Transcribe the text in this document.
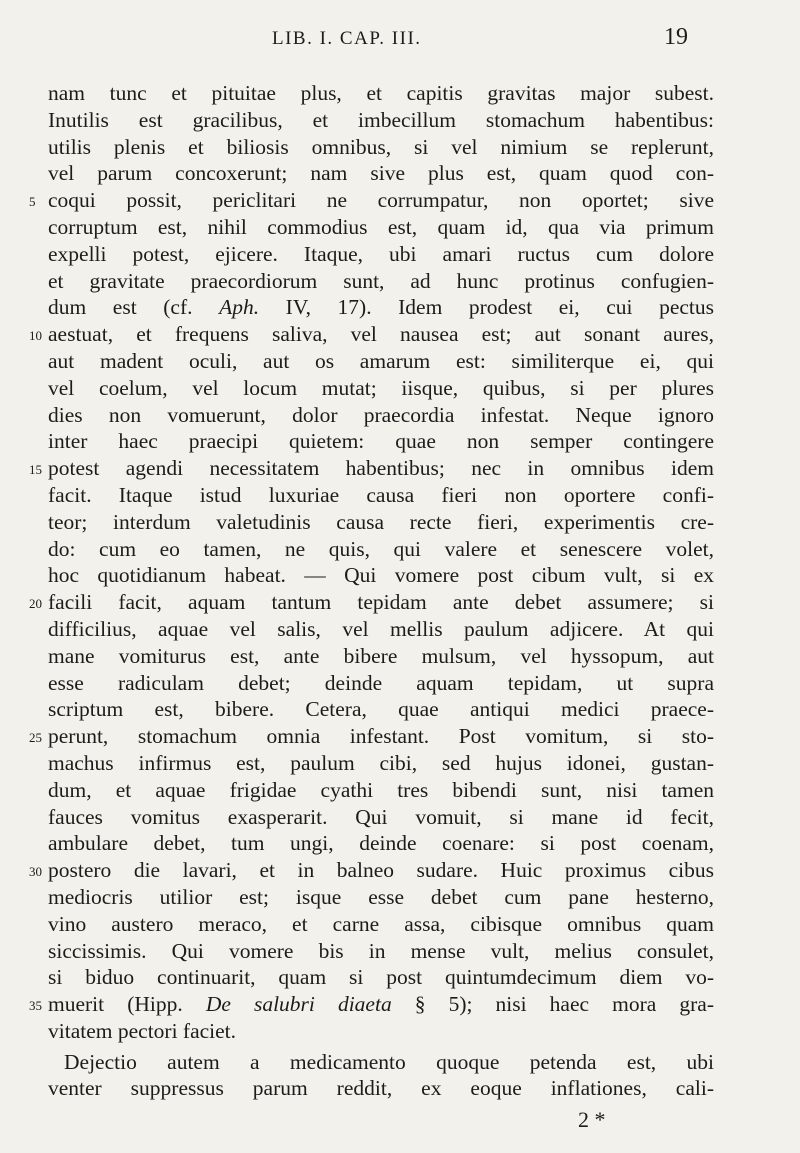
LIB. I. CAP. III.	19
nam tunc et pituitae plus, et capitis gravitas major subest.
Inutilis est gracilibus, et imbecillum stomachum habentibus:
utilis plenis et biliosis omnibus, si vel nimium se replerunt,
vel parum concoxerunt; nam sive plus est, quam quod con-
5 coqui possit, periclitari ne corrumpatur, non oportet; sive
corruptum est, nihil commodius est, quam id, qua via primum
expelli potest, ejicere. Itaque, ubi amari ructus cum dolore
et gravitate praecordiorum sunt, ad hunc protinus confugien-
dum est (cf. Aph. IV, 17). Idem prodest ei, cui pectus
10 aestuat, et frequens saliva, vel nausea est; aut sonant aures,
aut madent oculi, aut os amarum est: similiterque ei, qui
vel coelum, vel locum mutat; iisque, quibus, si per plures
dies non vomuerunt, dolor praecordia infestat. Neque ignoro
inter haec praecipi quietem: quae non semper contingere
15 potest agendi necessitatem habentibus; nec in omnibus idem
facit. Itaque istud luxuriae causa fieri non oportere confi-
teor; interdum valetudinis causa recte fieri, experimentis cre-
do: cum eo tamen, ne quis, qui valere et senescere volet,
hoc quotidianum habeat. — Qui vomere post cibum vult, si ex
20 facili facit, aquam tantum tepidam ante debet assumere; si
difficilius, aquae vel salis, vel mellis paulum adjicere. At qui
mane vomiturus est, ante bibere mulsum, vel hyssopum, aut
esse radiculam debet; deinde aquam tepidam, ut supra
scriptum est, bibere. Cetera, quae antiqui medici praece-
25 perunt, stomachum omnia infestant. Post vomitum, si sto-
machus infirmus est, paulum cibi, sed hujus idonei, gustan-
dum, et aquae frigidae cyathi tres bibendi sunt, nisi tamen
fauces vomitus exasperarit. Qui vomuit, si mane id fecit,
ambulare debet, tum ungi, deinde coenare: si post coenam,
30 postero die lavari, et in balneo sudare. Huic proximus cibus
mediocris utilior est; isque esse debet cum pane hesterno,
vino austero meraco, et carne assa, cibisque omnibus quam
siccissimis. Qui vomere bis in mense vult, melius consulet,
si biduo continuarit, quam si post quintumdecimum diem vo-
35 muerit (Hipp. De salubri diaeta § 5); nisi haec mora gra-
vitatem pectori faciet.
Dejectio autem a medicamento quoque petenda est, ubi
venter suppressus parum reddit, ex eoque inflationes, cali-
2 *
